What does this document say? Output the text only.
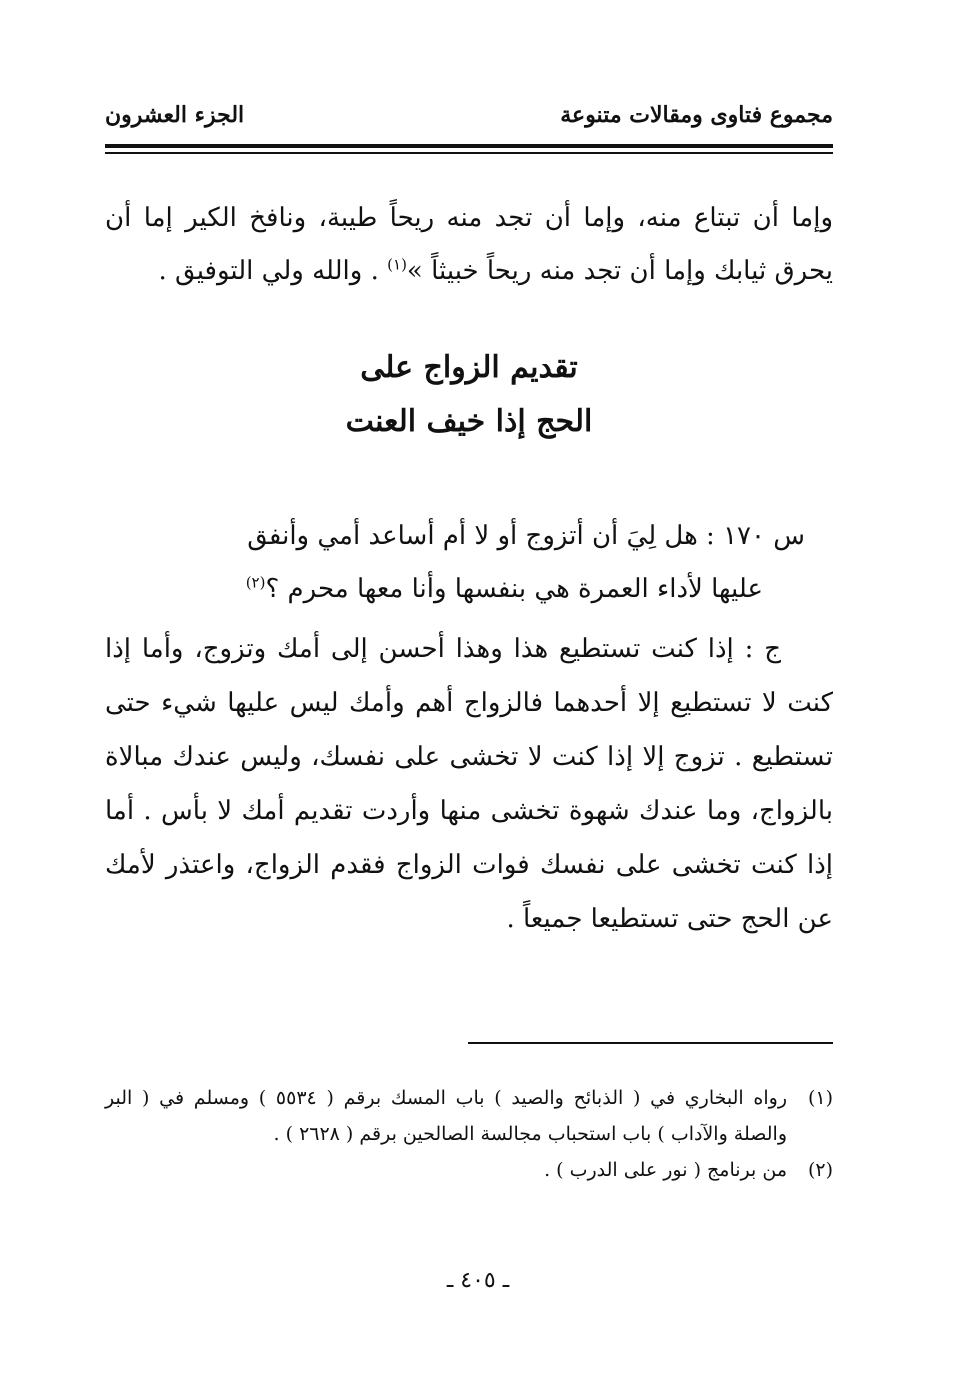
مجموع فتاوى ومقالات متنوعة
الجزء العشرون
وإما أن تبتاع منه، وإما أن تجد منه ريحاً طيبة، ونافخ الكير إما أن يحرق ثيابك وإما أن تجد منه ريحاً خبيثاً »$^{(١)}$ . والله ولي التوفيق .
تقديم الزواج على
الحج إذا خيف العنت
س ١٧٠ : هل لِيَ أن أتزوج أو لا أم أساعد أمي وأنفق
عليها لأداء العمرة هي بنفسها وأنا معها محرم ؟$^{(٢)}$
ج : إذا كنت تستطيع هذا وهذا أحسن إلى أمك وتزوج، وأما إذا كنت لا تستطيع إلا أحدهما فالزواج أهم وأمك ليس عليها شيء حتى تستطيع . تزوج إلا إذا كنت لا تخشى على نفسك، وليس عندك مبالاة بالزواج، وما عندك شهوة تخشى منها وأردت تقديم أمك لا بأس . أما إذا كنت تخشى على نفسك فوات الزواج فقدم الزواج، واعتذر لأمك عن الحج حتى تستطيعا جميعاً .
(١)
رواه البخاري في ( الذبائح والصيد ) باب المسك برقم ( ٥٥٣٤ ) ومسلم في ( البر والصلة والآداب ) باب استحباب مجالسة الصالحين برقم ( ٢٦٢٨ ) .
(٢)
من برنامج ( نور على الدرب ) .
ـ ٤٠٥ ـ
